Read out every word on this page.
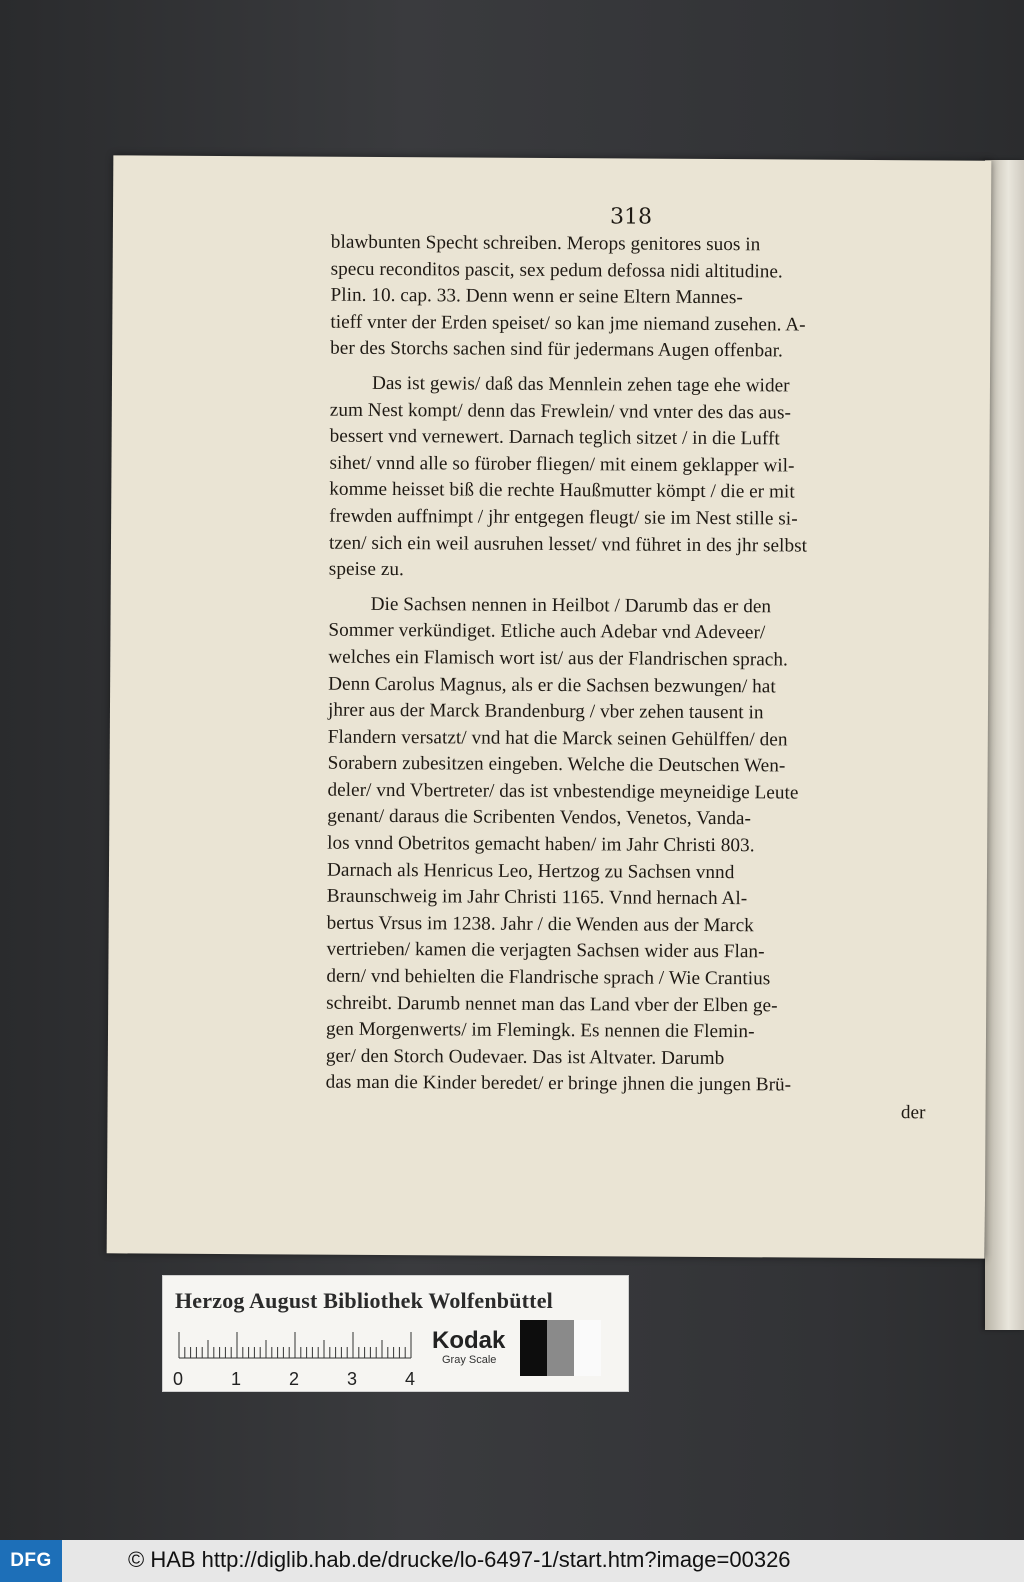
318
blawbunten Specht schreiben. Merops genitores suos in
specu reconditos pascit, sex pedum defossa nidi altitudine.
Plin. 10. cap. 33. Denn wenn er seine Eltern Mannes-
tieff vnter der Erden speiset/ so kan jme niemand zusehen. A-
ber des Storchs sachen sind für jedermans Augen offenbar.
Das ist gewis/ daß das Mennlein zehen tage ehe wider
zum Nest kompt/ denn das Frewlein/ vnd vnter des das aus-
bessert vnd vernewert. Darnach teglich sitzet / in die Lufft
sihet/ vnnd alle so fürober fliegen/ mit einem geklapper wil-
komme heisset biß die rechte Haußmutter kömpt / die er mit
frewden auffnimpt / jhr entgegen fleugt/ sie im Nest stille si-
tzen/ sich ein weil ausruhen lesset/ vnd führet in des jhr selbst
speise zu.
Die Sachsen nennen in Heilbot / Darumb das er den
Sommer verkündiget. Etliche auch Adebar vnd Adeveer/
welches ein Flamisch wort ist/ aus der Flandrischen sprach.
Denn Carolus Magnus, als er die Sachsen bezwungen/ hat
jhrer aus der Marck Brandenburg / vber zehen tausent in
Flandern versatzt/ vnd hat die Marck seinen Gehülffen/ den
Sorabern zubesitzen eingeben. Welche die Deutschen Wen-
deler/ vnd Vbertreter/ das ist vnbestendige meyneidige Leute
genant/ daraus die Scribenten Vendos, Venetos, Vanda-
los vnnd Obetritos gemacht haben/ im Jahr Christi 803.
Darnach als Henricus Leo, Hertzog zu Sachsen vnnd
Braunschweig im Jahr Christi 1165. Vnnd hernach Al-
bertus Vrsus im 1238. Jahr / die Wenden aus der Marck
vertrieben/ kamen die verjagten Sachsen wider aus Flan-
dern/ vnd behielten die Flandrische sprach / Wie Crantius
schreibt. Darumb nennet man das Land vber der Elben ge-
gen Morgenwerts/ im Flemingk. Es nennen die Flemin-
ger/ den Storch Oudevaer. Das ist Altvater. Darumb
das man die Kinder beredet/ er bringe jhnen die jungen Brü-
der
Herzog August Bibliothek Wolfenbüttel
0	1	2	3	4
Kodak
Gray Scale
DFG	© HAB http://diglib.hab.de/drucke/lo-6497-1/start.htm?image=00326
